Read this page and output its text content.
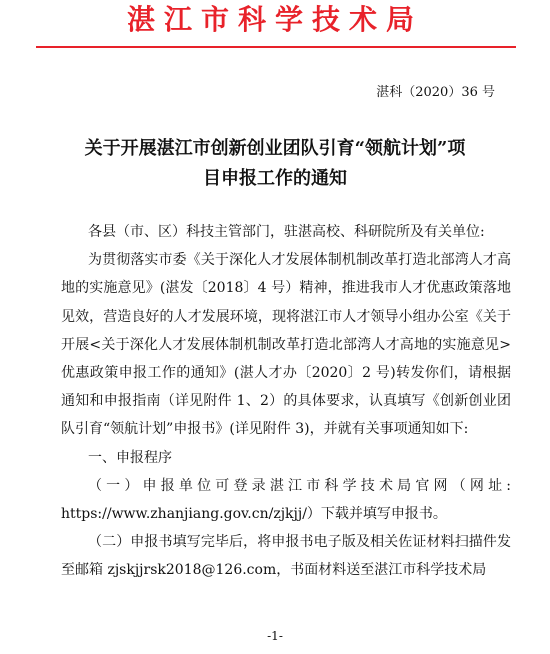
湛江市科学技术局
湛科（2020）36 号

关于开展湛江市创新创业团队引育“领航计划”项

目申报工作的通知

各县（市、区）科技主管部门，驻湛高校、科研院所及有关单位:

为贯彻落实市委《关于深化人才发展体制机制改革打造北部湾人才高地的实施意见》(湛发〔2018〕4 号）精神，推进我市人才优惠政策落地见效，营造良好的人才发展环境，现将湛江市人才领导小组办公室《关于开展<关于深化人才发展体制机制改革打造北部湾人才高地的实施意见>优惠政策申报工作的通知》(湛人才办〔2020〕2 号)转发你们，请根据通知和申报指南（详见附件 1、2）的具体要求，认真填写《创新创业团队引育“领航计划”申报书》(详见附件 3)，并就有关事项通知如下:

一、申报程序

（一）申报单位可登录湛江市科学技术局官网（网址: https://www.zhanjiang.gov.cn/zjkjj/）下载并填写申报书。

（二）申报书填写完毕后，将申报书电子版及相关佐证材料扫描件发至邮箱 zjskjjrsk2018@126.com，书面材料送至湛江市科学技术局

-1-
